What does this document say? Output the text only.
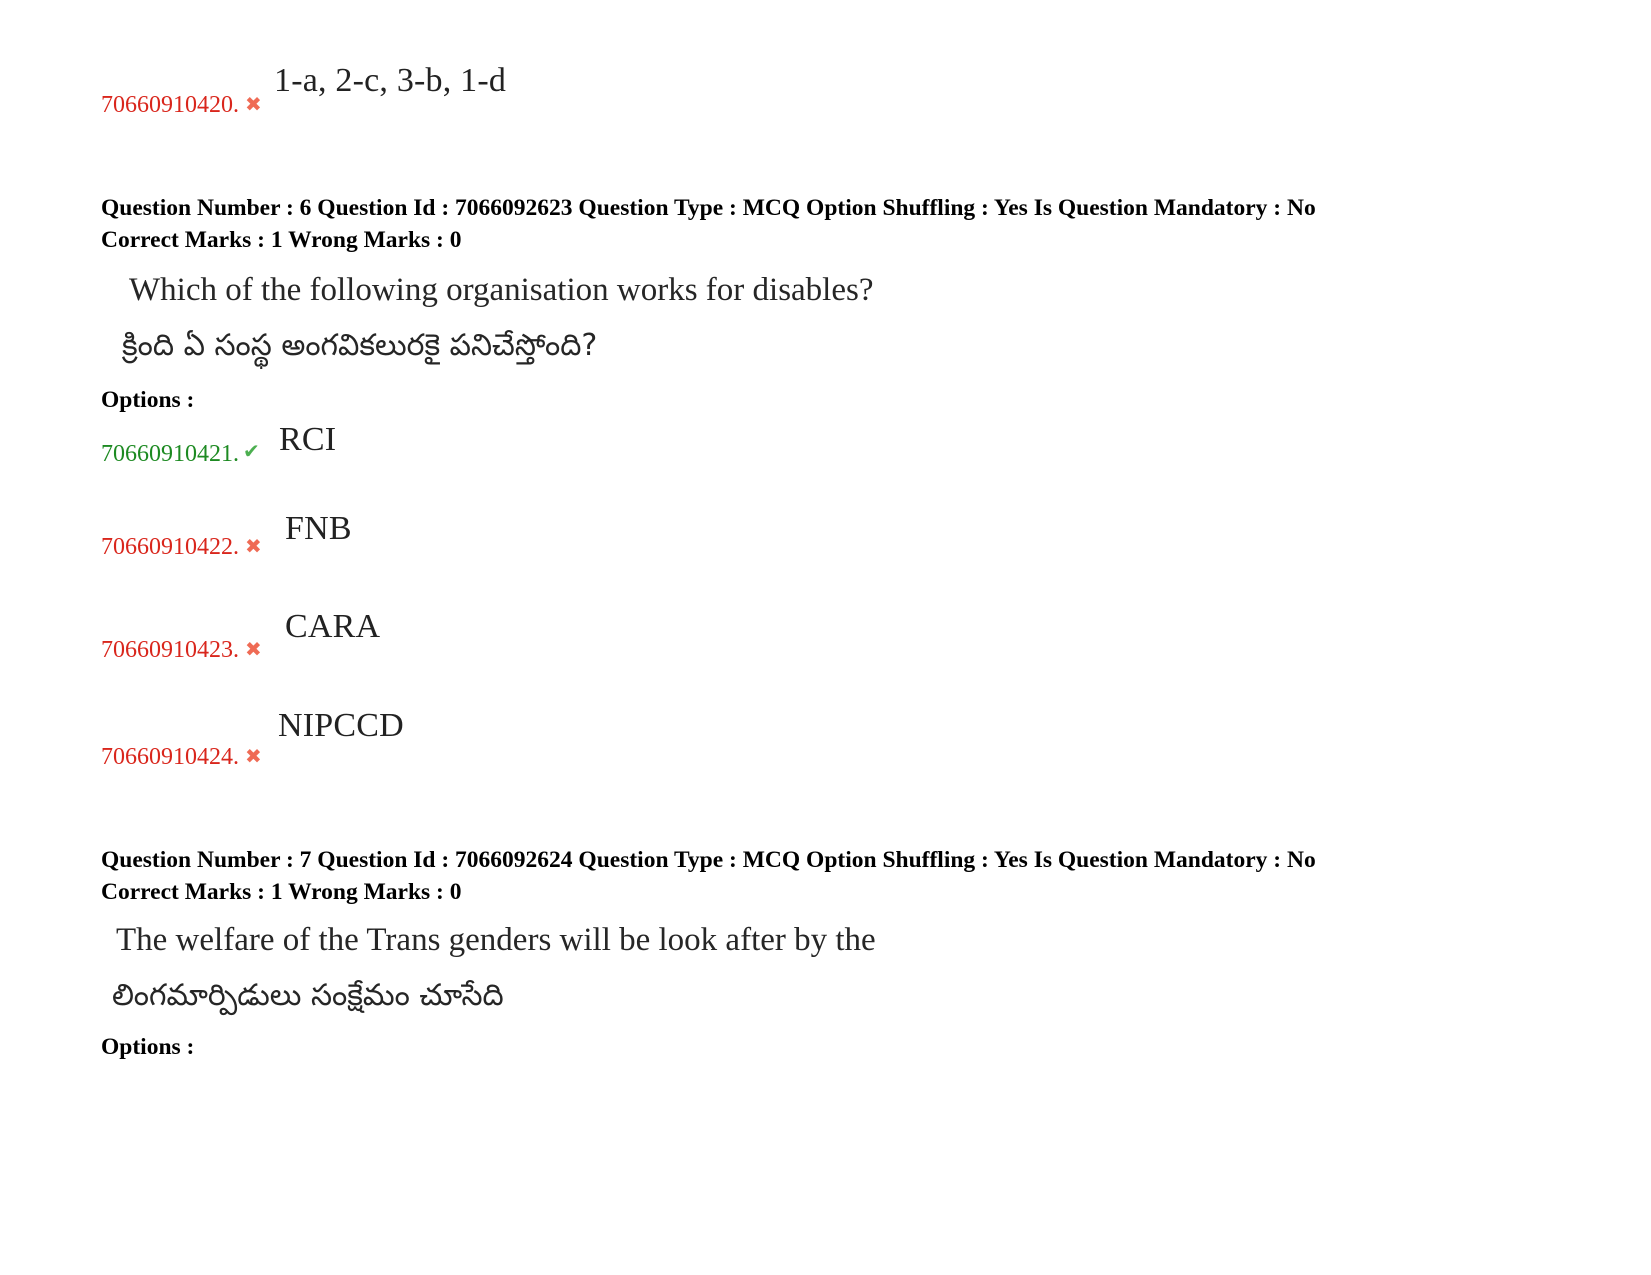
70660910420. ✖
1-a, 2-c, 3-b, 1-d
Question Number : 6 Question Id : 7066092623 Question Type : MCQ Option Shuffling : Yes Is Question Mandatory : No
Correct Marks : 1 Wrong Marks : 0
Which of the following organisation works for disables?
క్రింది ఏ సంస్థ అంగవికలురకై పనిచేస్తోంది?
Options :
70660910421. ✔ RCI
70660910422. ✖ FNB
70660910423. ✖
CARA
70660910424. ✖
NIPCCD
Question Number : 7 Question Id : 7066092624 Question Type : MCQ Option Shuffling : Yes Is Question Mandatory : No
Correct Marks : 1 Wrong Marks : 0
The welfare of the Trans genders will be look after by the
లింగమార్పిడులు సంక్షేమం చూసేది
Options :
